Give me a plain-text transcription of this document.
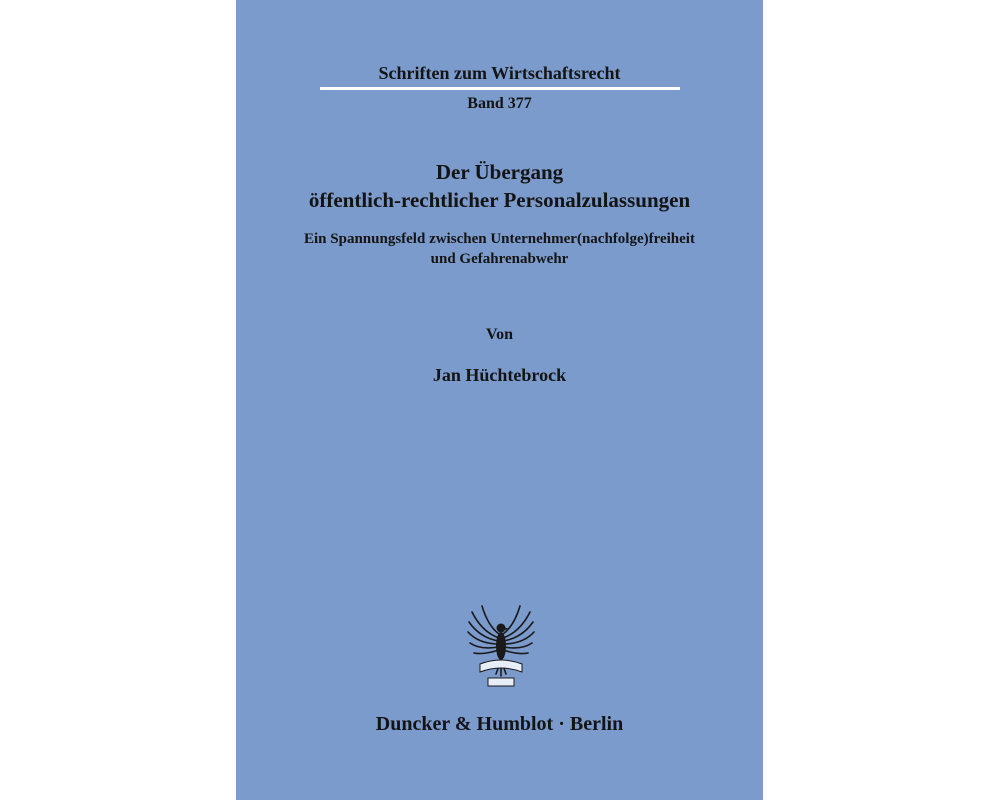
Schriften zum Wirtschaftsrecht
Band 377
Der Übergang
öffentlich-rechtlicher Personalzulassungen
Ein Spannungsfeld zwischen Unternehmer(nachfolge)freiheit
und Gefahrenabwehr
Von
Jan Hüchtebrock
Duncker & Humblot · Berlin
